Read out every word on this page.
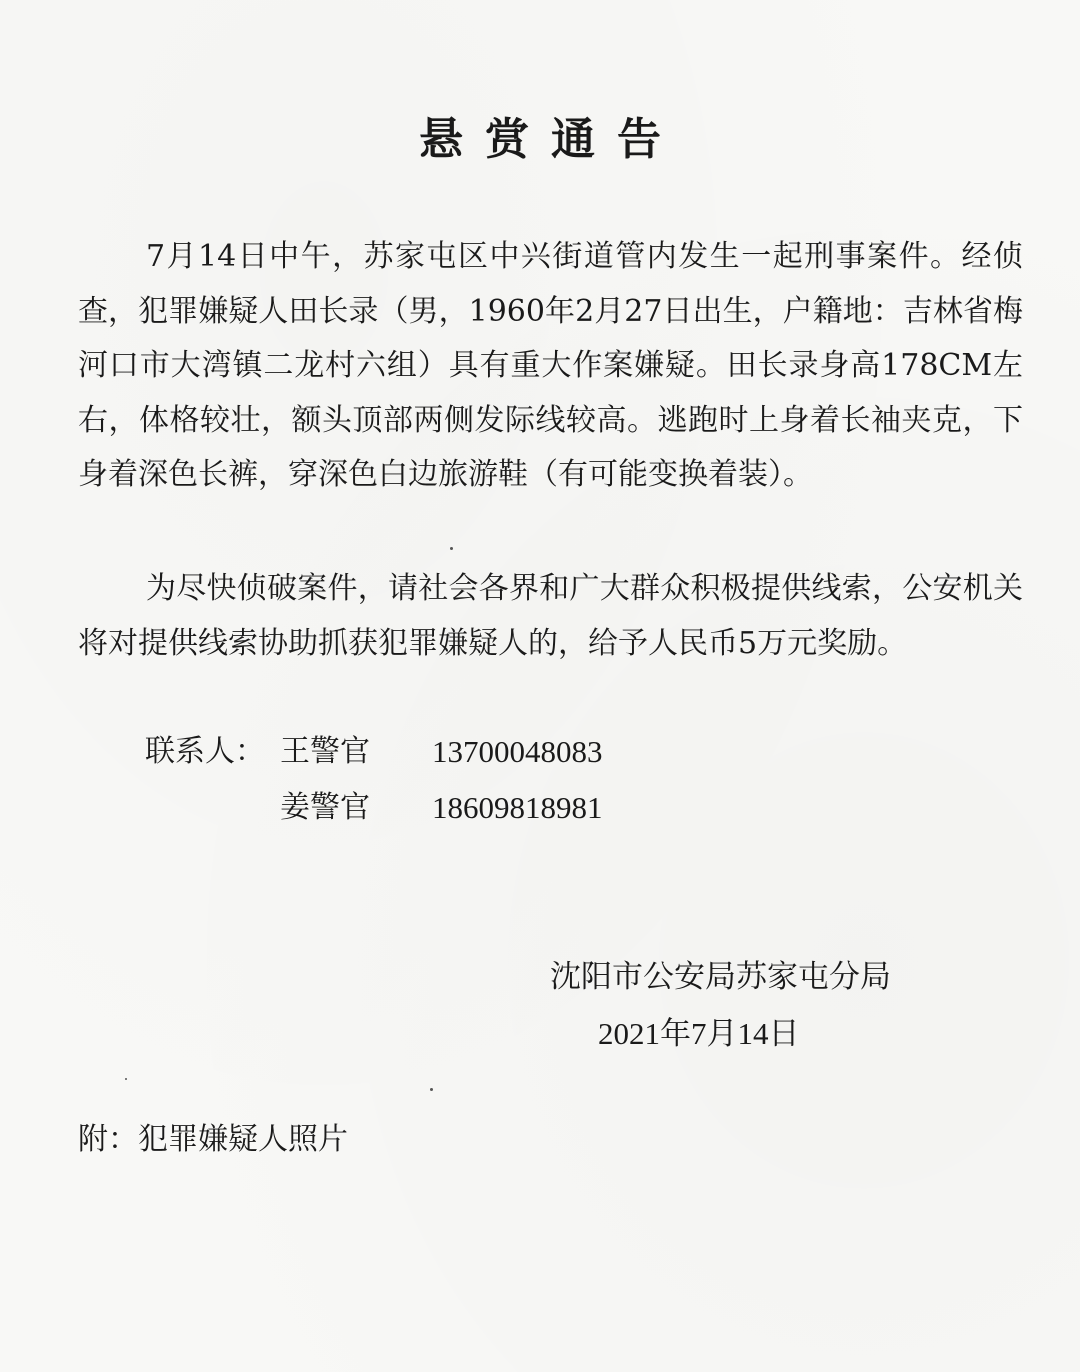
悬赏通告

7月14日中午，苏家屯区中兴街道管内发生一起刑事案件。经侦查，犯罪嫌疑人田长录（男，1960年2月27日出生，户籍地：吉林省梅河口市大湾镇二龙村六组）具有重大作案嫌疑。田长录身高178CM左右，体格较壮，额头顶部两侧发际线较高。逃跑时上身着长袖夹克，下身着深色长裤，穿深色白边旅游鞋（有可能变换着装）。

为尽快侦破案件，请社会各界和广大群众积极提供线索，公安机关将对提供线索协助抓获犯罪嫌疑人的，给予人民币5万元奖励。

联系人： 王警官 13700048083
姜警官 18609818981
沈阳市公安局苏家屯分局
2021年7月14日
附：犯罪嫌疑人照片
